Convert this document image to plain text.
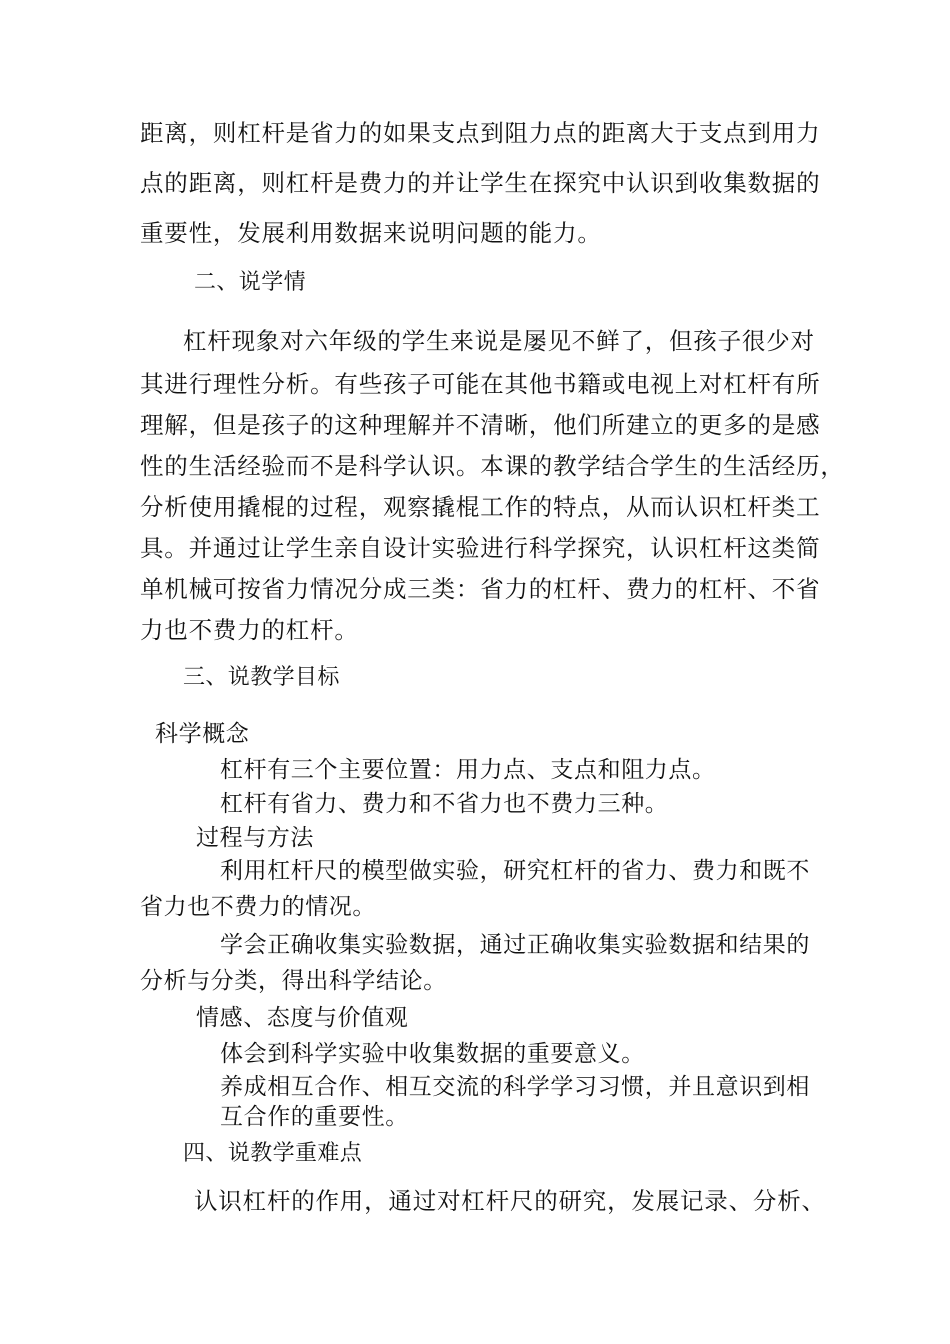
距离，则杠杆是省力的如果支点到阻力点的距离大于支点到用力
点的距离，则杠杆是费力的并让学生在探究中认识到收集数据的
重要性，发展利用数据来说明问题的能力。
二、说学情
杠杆现象对六年级的学生来说是屡见不鲜了，但孩子很少对
其进行理性分析。有些孩子可能在其他书籍或电视上对杠杆有所
理解，但是孩子的这种理解并不清晰，他们所建立的更多的是感
性的生活经验而不是科学认识。本课的教学结合学生的生活经历，
分析使用撬棍的过程，观察撬棍工作的特点，从而认识杠杆类工
具。并通过让学生亲自设计实验进行科学探究，认识杠杆这类简
单机械可按省力情况分成三类：省力的杠杆、费力的杠杆、不省
力也不费力的杠杆。
三、说教学目标
科学概念
杠杆有三个主要位置：用力点、支点和阻力点。
杠杆有省力、费力和不省力也不费力三种。
过程与方法
利用杠杆尺的模型做实验，研究杠杆的省力、费力和既不
省力也不费力的情况。
学会正确收集实验数据，通过正确收集实验数据和结果的
分析与分类，得出科学结论。
情感、态度与价值观
体会到科学实验中收集数据的重要意义。
养成相互合作、相互交流的科学学习习惯，并且意识到相
互合作的重要性。
四、说教学重难点
认识杠杆的作用，通过对杠杆尺的研究，发展记录、分析、
